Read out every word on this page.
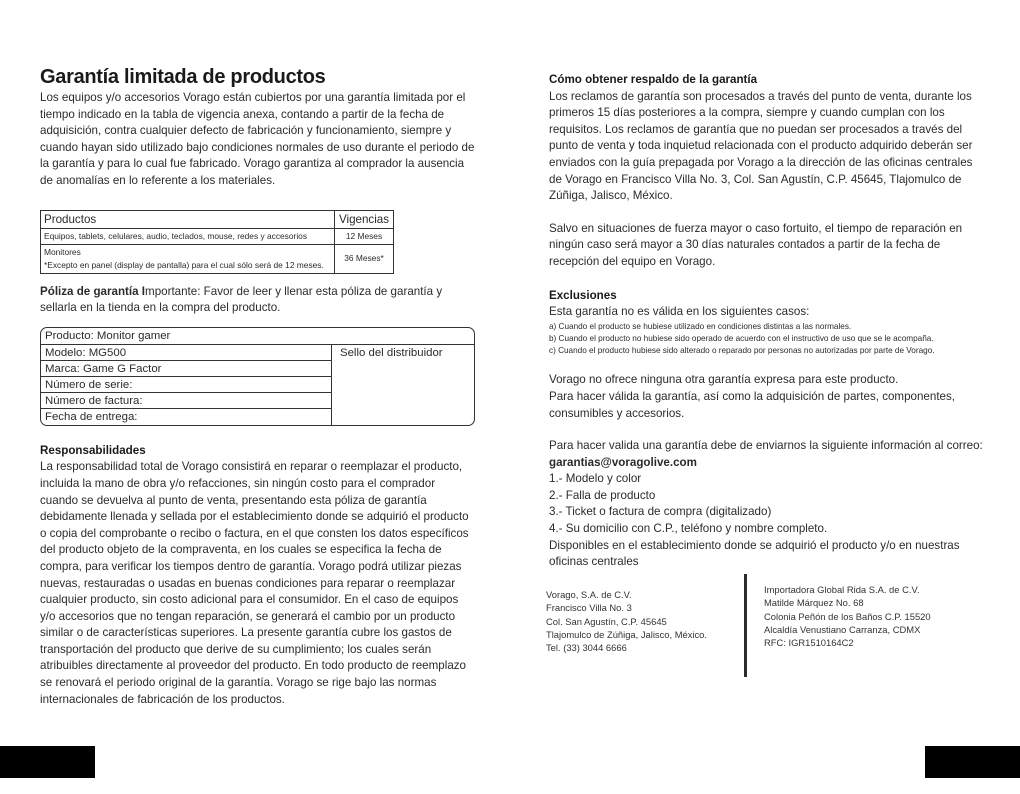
Garantía limitada de productos

Los equipos y/o accesorios Vorago están cubiertos por una garantía limitada por el tiempo indicado en la tabla de vigencia anexa, contando a partir de la fecha de adquisición, contra cualquier defecto de fabricación y funcionamiento, siempre y cuando hayan sido utilizado bajo condiciones normales de uso durante el periodo de la garantía y para lo cual fue fabricado. Vorago garantiza al comprador la ausencia de anomalías en lo referente a los materiales.

Productos	Vigencias
Equipos, tablets, celulares, audio, teclados, mouse, redes y accesorios	12 Meses

Monitores
*Excepto en panel (display de pantalla) para el cual sólo será de 12 meses.	36 Meses*

Póliza de garantía Importante: Favor de leer y llenar esta póliza de garantía y sellarla en la tienda en la compra del producto.

Producto: Monitor gamer
Modelo: MG500
Marca: Game G Factor
Número de serie:
Número de factura:
Fecha de entrega:
Sello del distribuidor

Responsabilidades

La responsabilidad total de Vorago consistirá en reparar o reemplazar el producto, incluida la mano de obra y/o refacciones, sin ningún costo para el comprador cuando se devuelva al punto de venta, presentando esta póliza de garantía debidamente llenada y sellada por el establecimiento donde se adquirió el producto o copia del comprobante o recibo o factura, en el que consten los datos específicos del producto objeto de la compraventa, en los cuales se especifica la fecha de compra, para verificar los tiempos dentro de garantía. Vorago podrá utilizar piezas nuevas, restauradas o usadas en buenas condiciones para reparar o reemplazar cualquier producto, sin costo adicional para el consumidor. En el caso de equipos y/o accesorios que no tengan reparación, se generará el cambio por un producto similar o de características superiores. La presente garantía cubre los gastos de transportación del producto que derive de su cumplimiento; los cuales serán atribuibles directamente al proveedor del producto. En todo producto de reemplazo se renovará el periodo original de la garantía. Vorago se rige bajo las normas internacionales de fabricación de los productos.

Cómo obtener respaldo de la garantía

Los reclamos de garantía son procesados a través del punto de venta, durante los primeros 15 días posteriores a la compra, siempre y cuando cumplan con los requisitos. Los reclamos de garantía que no puedan ser procesados a través del punto de venta y toda inquietud relacionada con el producto adquirido deberán ser enviados con la guía prepagada por Vorago a la dirección de las oficinas centrales de Vorago en Francisco Villa No. 3, Col. San Agustín, C.P. 45645, Tlajomulco de Zúñiga, Jalisco, México.

Salvo en situaciones de fuerza mayor o caso fortuito, el tiempo de reparación en ningún caso será mayor a 30 días naturales contados a partir de la fecha de recepción del equipo en Vorago.

Exclusiones

Esta garantía no es válida en los siguientes casos:

a) Cuando el producto se hubiese utilizado en condiciones distintas a las normales.

b) Cuando el producto no hubiese sido operado de acuerdo con el instructivo de uso que se le acompaña.

c) Cuando el producto hubiese sido alterado o reparado por personas no autorizadas por parte de Vorago.

Vorago no ofrece ninguna otra garantía expresa para este producto.

Para hacer válida la garantía, así como la adquisición de partes, componentes, consumibles y accesorios.

Para hacer valida una garantía debe de enviarnos la siguiente información al correo:

garantias@voragolive.com

1.- Modelo y color

2.- Falla de producto

3.- Ticket o factura de compra (digitalizado)

4.- Su domicilio con C.P., teléfono y nombre completo.

Disponibles en el establecimiento donde se adquirió el producto y/o en nuestras oficinas centrales

Vorago, S.A. de C.V.

Francisco Villa No. 3

Col. San Agustín, C.P. 45645

Tlajomulco de Zúñiga, Jalisco, México.

Tel. (33) 3044 6666

Importadora Global Rida S.A. de C.V.

Matilde Márquez No. 68

Colonia Peñón de los Baños C.P. 15520

Alcaldía Venustiano Carranza, CDMX

RFC: IGR1510164C2
